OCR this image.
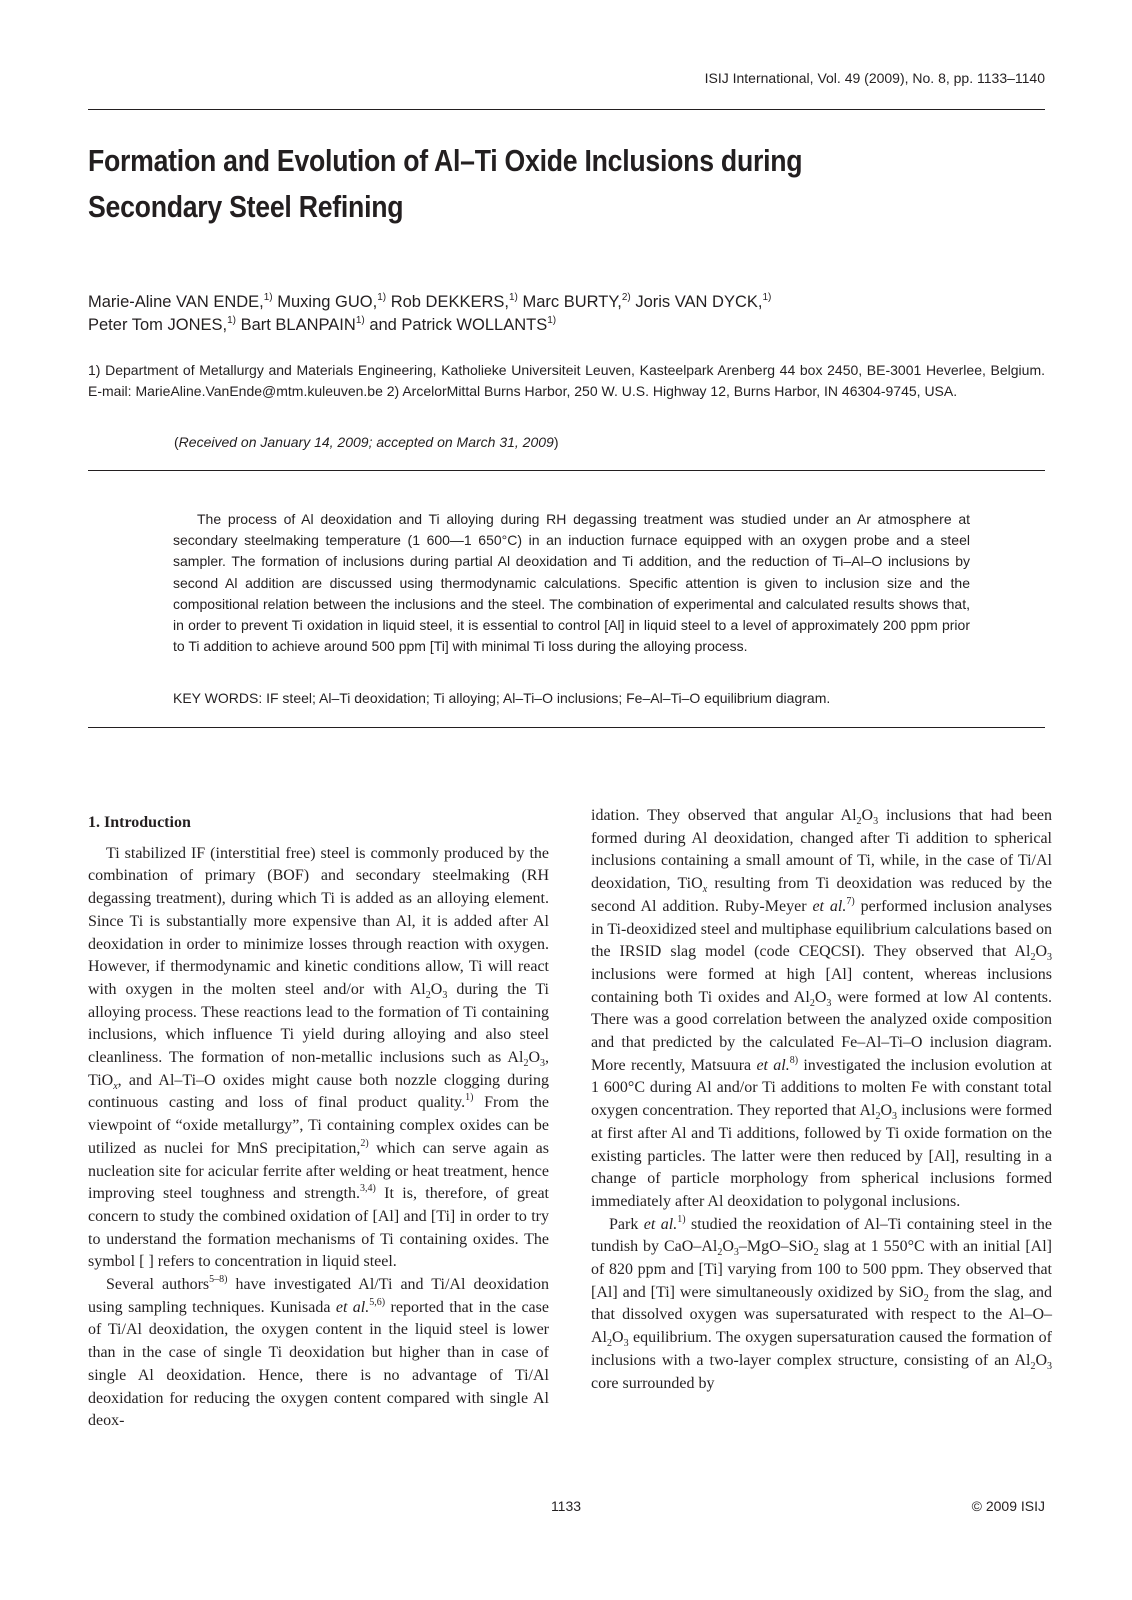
ISIJ International, Vol. 49 (2009), No. 8, pp. 1133–1140
Formation and Evolution of Al–Ti Oxide Inclusions during Secondary Steel Refining
Marie-Aline VAN ENDE,$^{1)}$ Muxing GUO,$^{1)}$ Rob DEKKERS,$^{1)}$ Marc BURTY,$^{2)}$ Joris VAN DYCK,$^{1)}$
Peter Tom JONES,$^{1)}$ Bart BLANPAIN$^{1)}$ and Patrick WOLLANTS$^{1)}$
1) Department of Metallurgy and Materials Engineering, Katholieke Universiteit Leuven, Kasteelpark Arenberg 44 box 2450, BE-3001 Heverlee, Belgium. E-mail: MarieAline.VanEnde@mtm.kuleuven.be 2) ArcelorMittal Burns Harbor, 250 W. U.S. Highway 12, Burns Harbor, IN 46304-9745, USA.
(Received on January 14, 2009; accepted on March 31, 2009)

The process of Al deoxidation and Ti alloying during RH degassing treatment was studied under an Ar atmosphere at secondary steelmaking temperature (1 600—1 650°C) in an induction furnace equipped with an oxygen probe and a steel sampler. The formation of inclusions during partial Al deoxidation and Ti addition, and the reduction of Ti–Al–O inclusions by second Al addition are discussed using thermodynamic calculations. Specific attention is given to inclusion size and the compositional relation between the inclusions and the steel. The combination of experimental and calculated results shows that, in order to prevent Ti oxidation in liquid steel, it is essential to control [Al] in liquid steel to a level of approximately 200 ppm prior to Ti addition to achieve around 500 ppm [Ti] with minimal Ti loss during the alloying process.

KEY WORDS: IF steel; Al–Ti deoxidation; Ti alloying; Al–Ti–O inclusions; Fe–Al–Ti–O equilibrium diagram.
1. Introduction

Ti stabilized IF (interstitial free) steel is commonly produced by the combination of primary (BOF) and secondary steelmaking (RH degassing treatment), during which Ti is added as an alloying element. Since Ti is substantially more expensive than Al, it is added after Al deoxidation in order to minimize losses through reaction with oxygen. However, if thermodynamic and kinetic conditions allow, Ti will react with oxygen in the molten steel and/or with $Al_2O_3$ during the Ti alloying process. These reactions lead to the formation of Ti containing inclusions, which influence Ti yield during alloying and also steel cleanliness. The formation of non-metallic inclusions such as $Al_2O_3$, TiO$_x$, and Al–Ti–O oxides might cause both nozzle clogging during continuous casting and loss of final product quality.$^{1)}$ From the viewpoint of “oxide metallurgy”, Ti containing complex oxides can be utilized as nuclei for MnS precipitation,$^{2)}$ which can serve again as nucleation site for acicular ferrite after welding or heat treatment, hence improving steel toughness and strength.$^{3,4)}$ It is, therefore, of great concern to study the combined oxidation of [Al] and [Ti] in order to try to understand the formation mechanisms of Ti containing oxides. The symbol [ ] refers to concentration in liquid steel.

Several authors$^{5-8)}$ have investigated Al/Ti and Ti/Al deoxidation using sampling techniques. Kunisada et al.$^{5,6)}$ reported that in the case of Ti/Al deoxidation, the oxygen content in the liquid steel is lower than in the case of single Ti deoxidation but higher than in case of single Al deoxidation. Hence, there is no advantage of Ti/Al deoxidation for reducing the oxygen content compared with single Al deox-

idation. They observed that angular $Al_2O_3$ inclusions that had been formed during Al deoxidation, changed after Ti addition to spherical inclusions containing a small amount of Ti, while, in the case of Ti/Al deoxidation, TiO$_x$ resulting from Ti deoxidation was reduced by the second Al addition. Ruby-Meyer et al.$^{7)}$ performed inclusion analyses in Ti-deoxidized steel and multiphase equilibrium calculations based on the IRSID slag model (code CEQCSI). They observed that $Al_2O_3$ inclusions were formed at high [Al] content, whereas inclusions containing both Ti oxides and $Al_2O_3$ were formed at low Al contents. There was a good correlation between the analyzed oxide composition and that predicted by the calculated Fe–Al–Ti–O inclusion diagram. More recently, Matsuura et al.$^{8)}$ investigated the inclusion evolution at 1 600°C during Al and/or Ti additions to molten Fe with constant total oxygen concentration. They reported that $Al_2O_3$ inclusions were formed at first after Al and Ti additions, followed by Ti oxide formation on the existing particles. The latter were then reduced by [Al], resulting in a change of particle morphology from spherical inclusions formed immediately after Al deoxidation to polygonal inclusions.

Park et al.$^{1)}$ studied the reoxidation of Al–Ti containing steel in the tundish by CaO–$Al_2O_3-MgO-SiO_2$ slag at 1 550°C with an initial [Al] of 820 ppm and [Ti] varying from 100 to 500 ppm. They observed that [Al] and [Ti] were simultaneously oxidized by SiO$_2$ from the slag, and that dissolved oxygen was supersaturated with respect to the $Al-O-Al_2O_3$ equilibrium. The oxygen supersaturation caused the formation of inclusions with a two-layer complex structure, consisting of an $Al_2O_3$ core surrounded by

1133	© 2009 ISIJ
